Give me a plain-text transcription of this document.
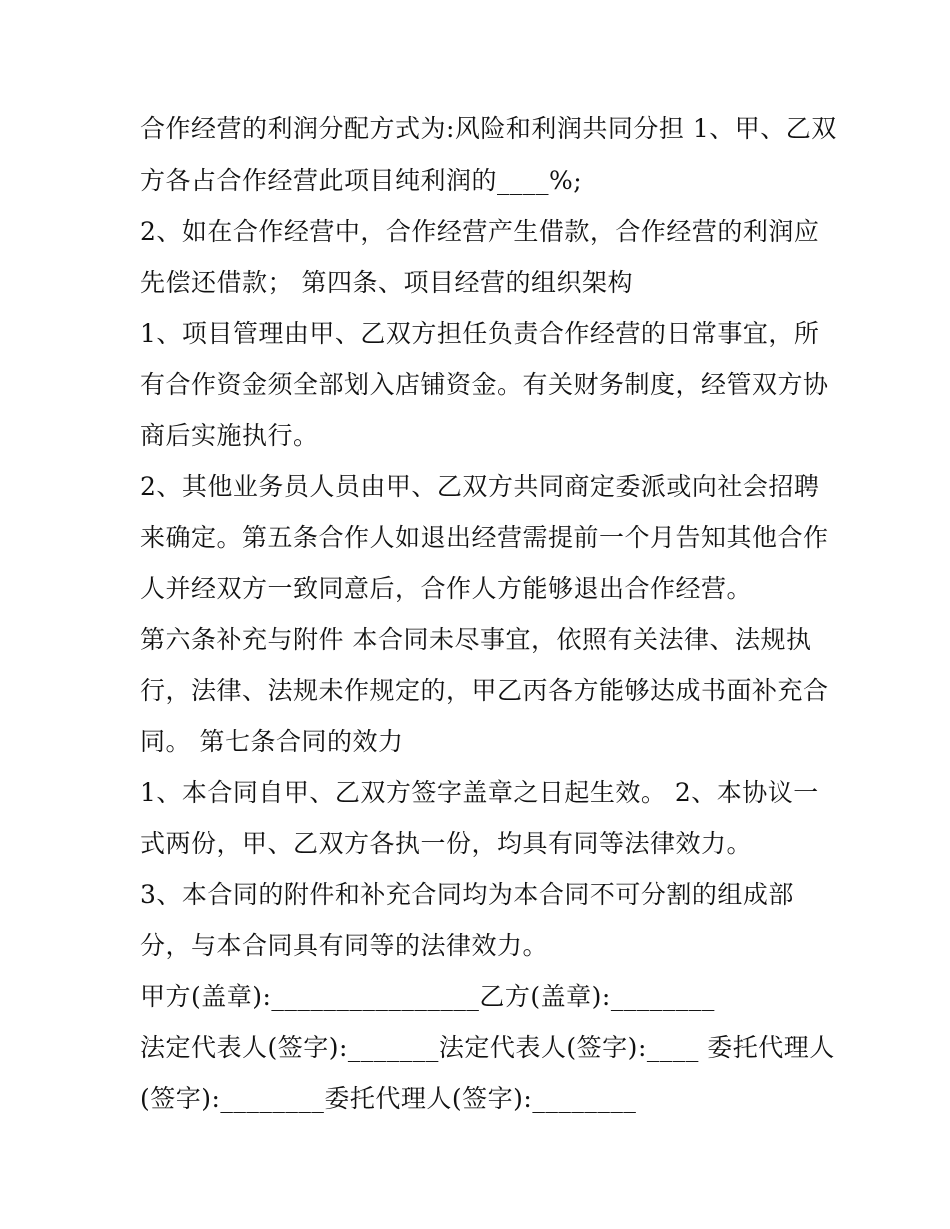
合作经营的利润分配方式为:风险和利润共同分担 1、甲、乙双
方各占合作经营此项目纯利润的____%;
2、如在合作经营中，合作经营产生借款，合作经营的利润应
先偿还借款； 第四条、项目经营的组织架构
1、项目管理由甲、乙双方担任负责合作经营的日常事宜，所
有合作资金须全部划入店铺资金。有关财务制度，经管双方协
商后实施执行。
2、其他业务员人员由甲、乙双方共同商定委派或向社会招聘
来确定。第五条合作人如退出经营需提前一个月告知其他合作
人并经双方一致同意后，合作人方能够退出合作经营。
第六条补充与附件 本合同未尽事宜，依照有关法律、法规执
行，法律、法规未作规定的，甲乙丙各方能够达成书面补充合
同。 第七条合同的效力
1、本合同自甲、乙双方签字盖章之日起生效。 2、本协议一
式两份，甲、乙双方各执一份，均具有同等法律效力。
3、本合同的附件和补充合同均为本合同不可分割的组成部
分，与本合同具有同等的法律效力。
甲方(盖章):________________乙方(盖章):________
法定代表人(签字):_______法定代表人(签字):____ 委托代理人
(签字):________委托代理人(签字):________
